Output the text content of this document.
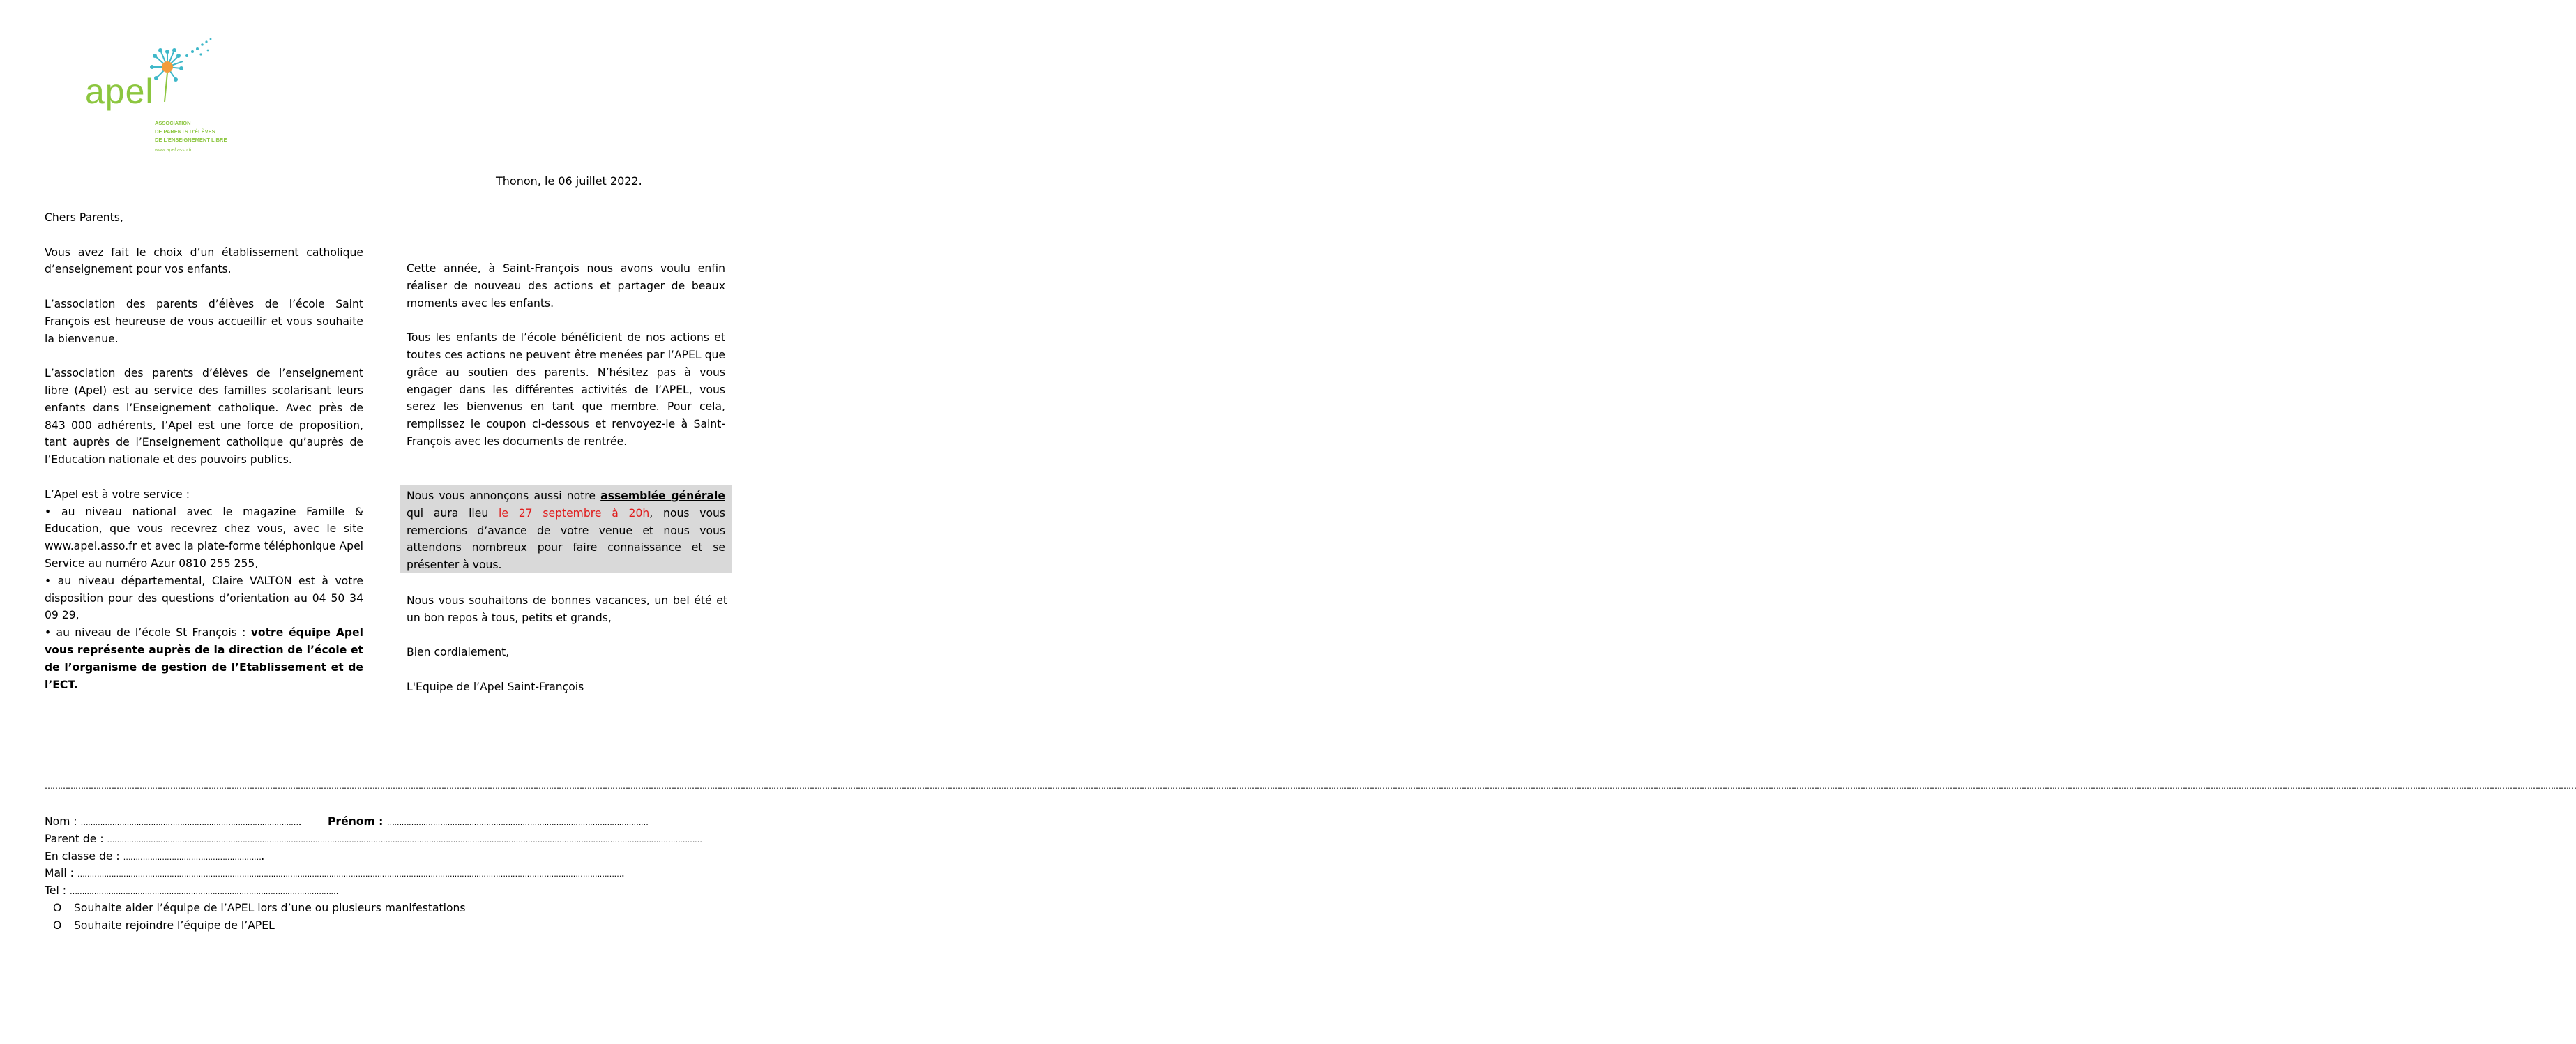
apel
ASSOCIATION
DE PARENTS D'ÉLÈVES
DE L'ENSEIGNEMENT LIBRE
www.apel.asso.fr
Thonon, le 06 juillet 2022.

Chers Parents,

Vous avez fait le choix d’un établissement catholique d’enseignement pour vos enfants.

L’association des parents d’élèves de l’école Saint François est heureuse de vous accueillir et vous souhaite la bienvenue.

L’association des parents d’élèves de l’enseignement libre (Apel) est au service des familles scolarisant leurs enfants dans l’Enseignement catholique. Avec près de 843 000 adhérents, l’Apel est une force de proposition, tant auprès de l’Enseignement catholique qu’auprès de l’Education nationale et des pouvoirs publics.

L’Apel est à votre service :

• au niveau national avec le magazine Famille & Education, que vous recevrez chez vous, avec le site www.apel.asso.fr et avec la plate-forme téléphonique Apel Service au numéro Azur 0810 255 255,

• au niveau départemental, Claire VALTON est à votre disposition pour des questions d’orientation au 04 50 34 09 29,

• au niveau de l’école St François : votre équipe Apel vous représente auprès de la direction de l’école et de l’organisme de gestion de l’Etablissement et de l’ECT.

Cette année, à Saint-François nous avons voulu enfin réaliser de nouveau des actions et partager de beaux moments avec les enfants.

Tous les enfants de l’école bénéficient de nos actions et toutes ces actions ne peuvent être menées par l’APEL que grâce au soutien des parents. N’hésitez pas à vous engager dans les différentes activités de l’APEL, vous serez les bienvenus en tant que membre. Pour cela, remplissez le coupon ci-dessous et renvoyez-le à Saint-François avec les documents de rentrée.

Nous vous annonçons aussi notre assemblée générale qui aura lieu le 27 septembre à 20h, nous vous remercions d’avance de votre venue et nous vous attendons nombreux pour faire connaissance et se présenter à vous.

Nous vous souhaitons de bonnes vacances, un bel été et un bon repos à tous, petits et grands,

Bien cordialement,

L'Equipe de l’Apel Saint-François

………………………………………………………………………………………………………………………………………………………………………………………………………………………………………………………………………………………………………………………………………………………………………………………………………………………………………………………………………………………………………………………………………………………………………………………………………………………………………………………………………………………………………………………………………………………………………………………………………………………………………………………………………………………………………………
Nom : ………………………………………………………………………………. Prénom : ………………………………………………………………………………………………
Parent de : …………………………………………………………………………………………………………………………………………………………………………………………………………………………
En classe de : ………………………………………………….
Mail : ……………………………………………………………………………………………………………………………………………………………………………………………………….
Tel : …………………………………………………………………………………………………
O Souhaite aider l’équipe de l’APEL lors d’une ou plusieurs manifestations
O Souhaite rejoindre l’équipe de l’APEL
